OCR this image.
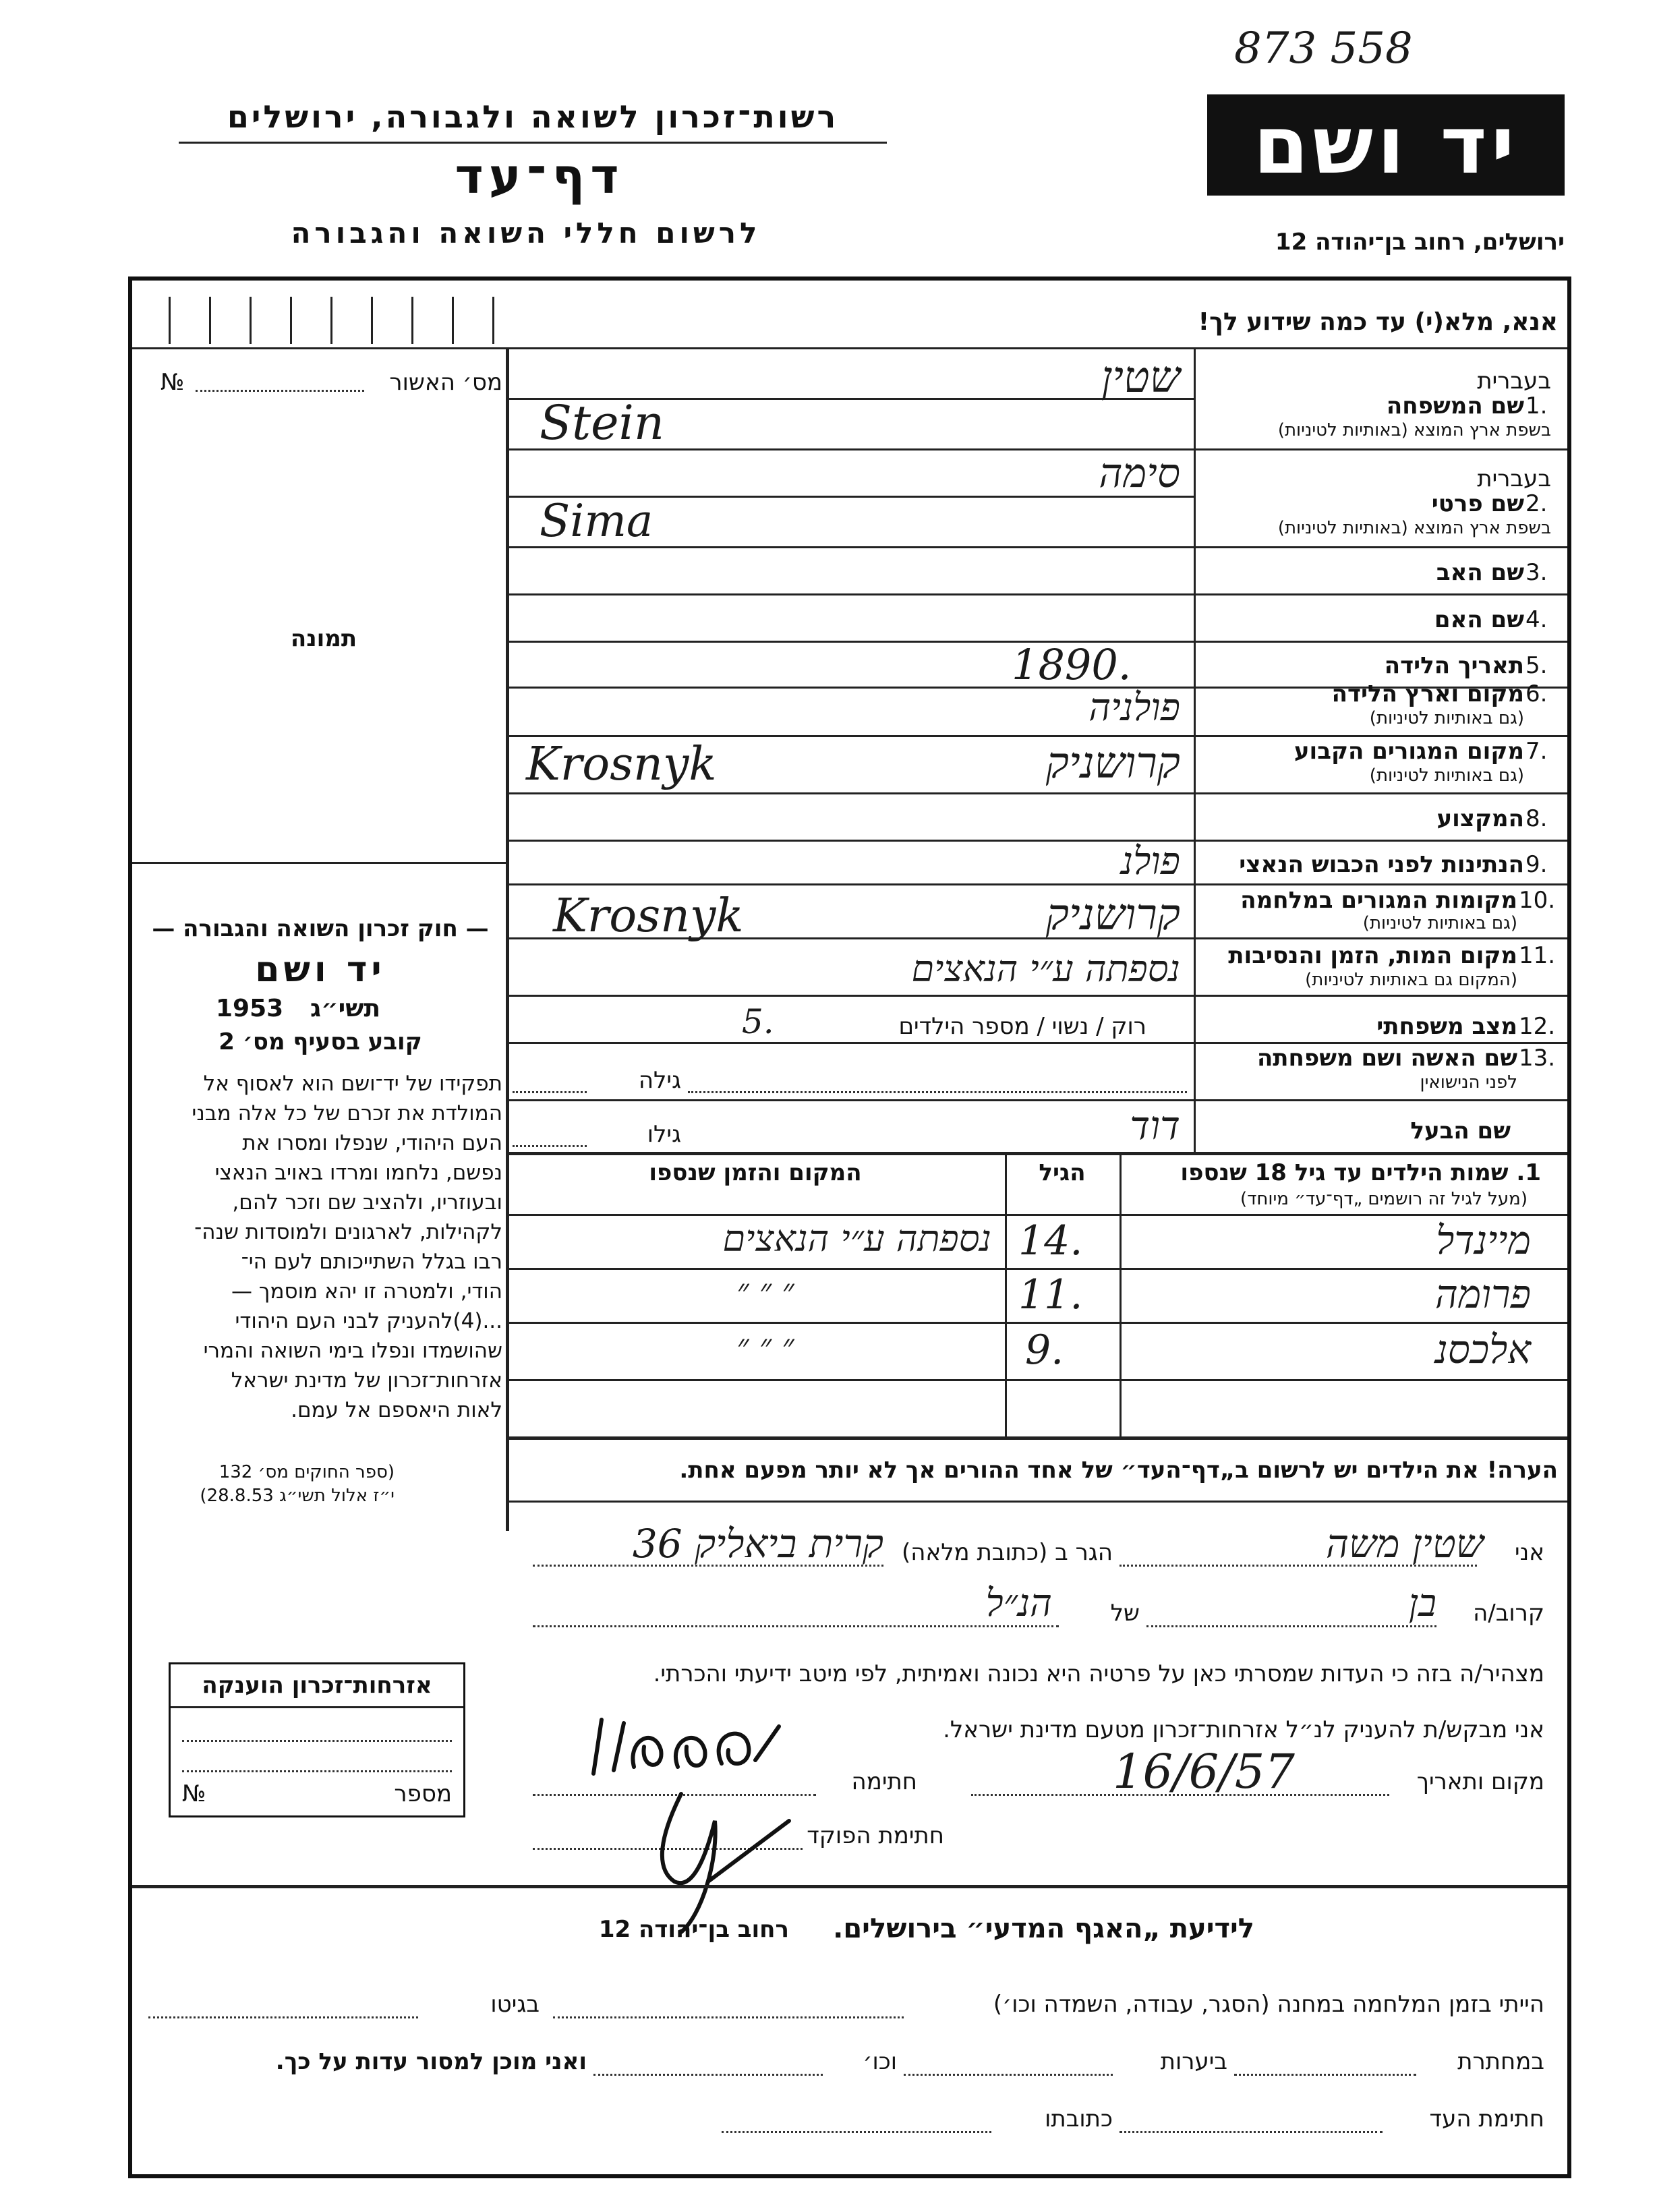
873 558
רשות־זכרון לשואה ולגבורה, ירושלים
דף־עד
לרשום חללי השואה והגבורה
יד ושם
ירושלים, רחוב בן־יהודה 12
אנא, מלא(י) עד כמה שידוע לך!
מס׳ האשור
№
תמונה
— חוק זכרון השואה והגבורה —
יד ושם
1953 תשי״ג
קובע בסעיף מס׳ 2
תפקידו של יד־ושם הוא לאסוף אל
המולדת את זכרם של כל אלה מבני
העם היהודי, שנפלו ומסרו את
נפשם, נלחמו ומרדו באויב הנאצי
ובעוזריו, ולהציב שם וזכר להם,
לקהילות, לארגונים ולמוסדות שנה־
רבו בגלל השתייכותם לעם הי־
הודי, ולמטרה זו יהא מוסמך —
...(4)להעניק לבני העם היהודי
שהושמדו ונפלו בימי השואה והמרי
אזרחות־זכרון של מדינת ישראל
לאות היאספם אל עמם.
(ספר החוקים מס׳ 132
י״ז אלול תשי״ג 28.8.53)
בעברית
שם המשפחה 1.
בשפת ארץ המוצא (באותיות לטיניות)
בעברית
שם פרטי 2.
בשפת ארץ המוצא (באותיות לטיניות)
שם האב 3.
שם האם 4.
תאריך הלידה 5.
מקום וארץ הלידה 6.
(גם באותיות לטיניות)
מקום המגורים הקבוע 7.
(גם באותיות לטיניות)
המקצוע 8.
הנתינות לפני הכבוש הנאצי 9.
מקומות המגורים במלחמה 10.
(גם באותיות לטיניות)
מקום המות, הזמן והנסיבות 11.
(המקום גם באותיות לטיניות)
מצב משפחתי 12.
שם האשה ושם משפחתה 13.
לפני הנישואין
שם הבעל
שטין
Stein
סימה
Sima
1890.
פולניה
קרושניק
Krosnyk
פולנ
קרושניק
Krosnyk
נספתה ע״י הנאצים
רוק / נשוי / מספר הילדים
5.
גילה
גילו	דוד
1. שמות הילדים עד גיל 18 שנספו
(מעל לגיל זה רושמים „דף־עד״ מיוחד)
הגיל
המקום והזמן שנספו
מיינדל
14.
נספתה ע״י הנאצים
פרומה
11.
״ ״ ״
אלכסנ
9.
״ ״ ״
הערה! את הילדים יש לרשום ב„דף־העד״ של אחד ההורים אך לא יותר מפעם אחת.
אני
שטין משה
הגר ב (כתובת מלאה)
קרית ביאליק 36
קרוב/ה
בן
של
הנ״ל
מצהיר/ה בזה כי העדות שמסרתי כאן על פרטיה היא נכונה ואמיתית, לפי מיטב ידיעתי והכרתי.
אני מבקש/ת להעניק לנ״ל אזרחות־זכרון מטעם מדינת ישראל.
מקום ותאריך
16/6/57
חתימה
חתימת הפוקד
אזרחות־זכרון הוענקה
מספר
№
לידיעת „האגף המדעי״ בירושלים.
רחוב בן־יהודה 12
הייתי בזמן המלחמה במחנה (הסגר, עבודה, השמדה וכו׳)
בגיטו
במחתרת
ביערות
וכו׳
ואני מוכן למסור עדות על כך.
חתימת העד
כתובתו
